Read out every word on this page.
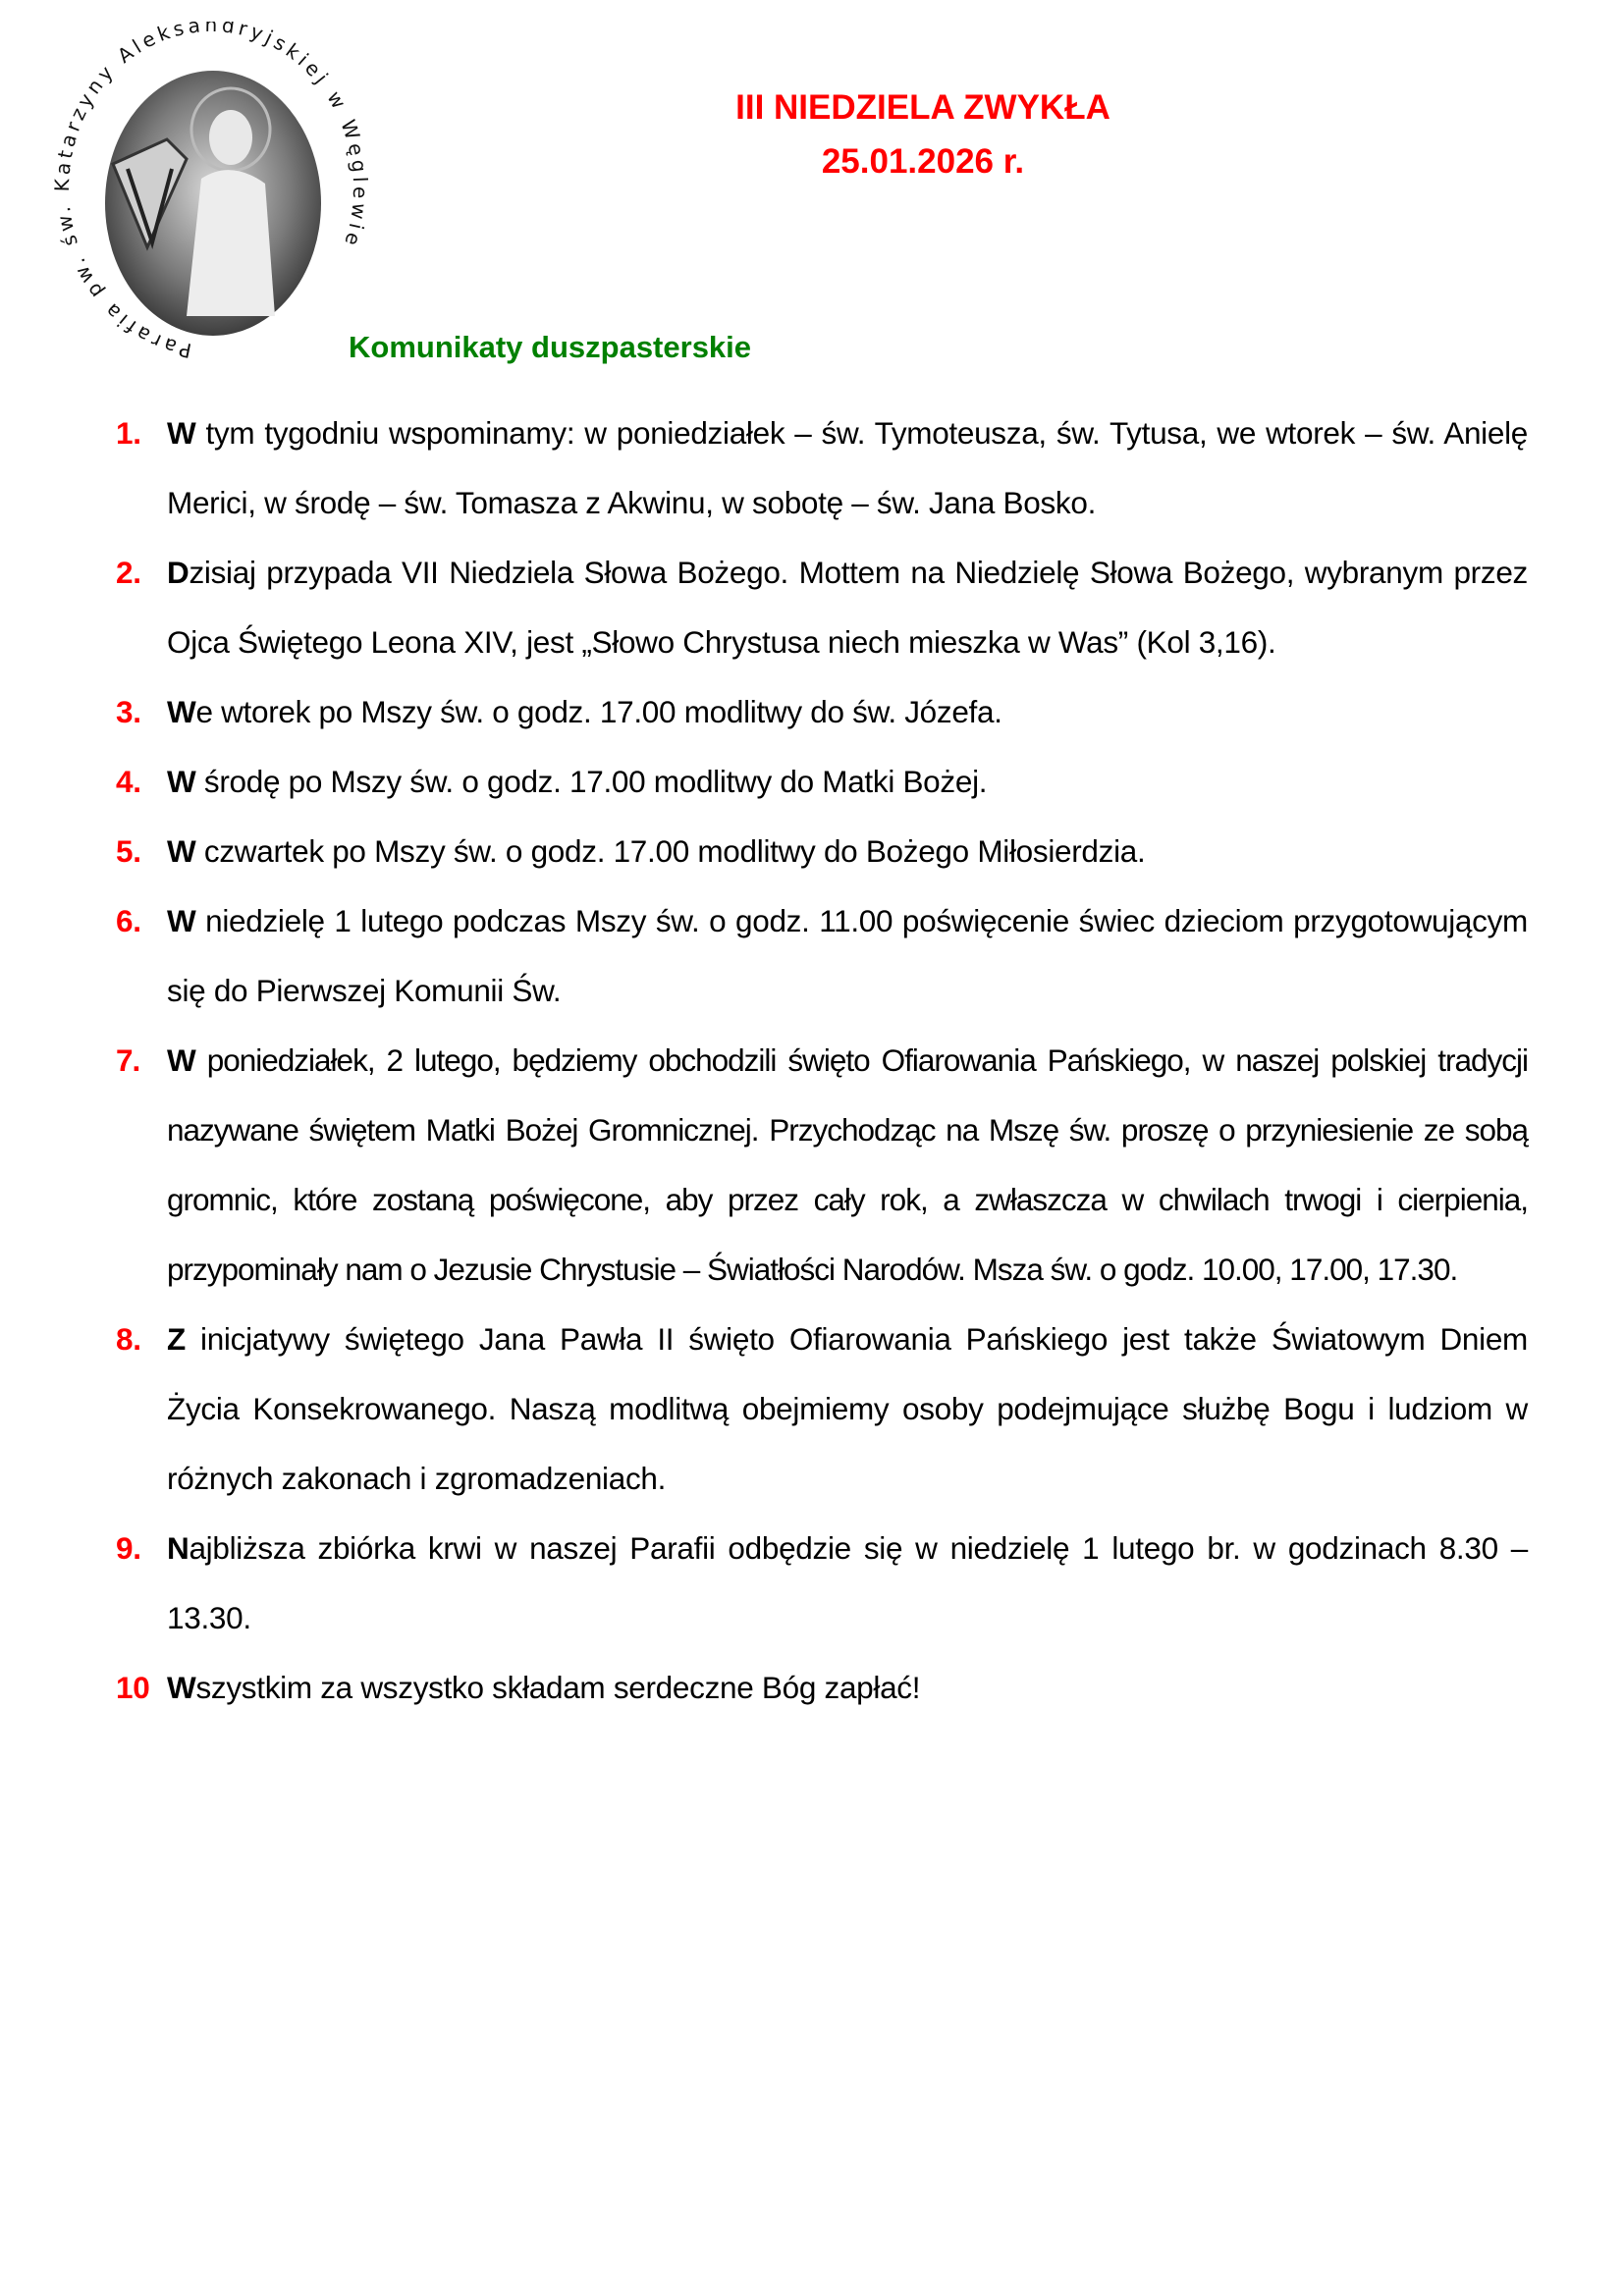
Parafia pw. św tarzyny Aleksandryjskiej w Wę ie
III NIEDZIELA ZWYKŁA
25.01.2026 r.
Komunikaty duszpasterskie
1. W tym tygodniu wspominamy: w poniedziałek – św. Tymoteusza, św. Tytusa, we wtorek – św. Anielę Merici, w środę – św. Tomasza z Akwinu, w sobotę – św. Jana Bosko.
2. Dzisiaj przypada VII Niedziela Słowa Bożego. Mottem na Niedzielę Słowa Bożego, wybranym przez Ojca Świętego Leona XIV, jest „Słowo Chrystusa niech mieszka w Was” (Kol 3,16).
3. We wtorek po Mszy św. o godz. 17.00 modlitwy do św. Józefa.
4. W środę po Mszy św. o godz. 17.00 modlitwy do Matki Bożej.
5. W czwartek po Mszy św. o godz. 17.00 modlitwy do Bożego Miłosierdzia.
6. W niedzielę 1 lutego podczas Mszy św. o godz. 11.00 poświęcenie świec dzieciom przygotowującym się do Pierwszej Komunii Św.
7. W poniedziałek, 2 lutego, będziemy obchodzili święto Ofiarowania Pańskiego, w naszej polskiej tradycji nazywane świętem Matki Bożej Gromnicznej. Przychodząc na Mszę św. proszę o przyniesienie ze sobą gromnic, które zostaną poświęcone, aby przez cały rok, a zwłaszcza w chwilach trwogi i cierpienia, przypominały nam o Jezusie Chrystusie – Światłości Narodów. Msza św. o godz. 10.00, 17.00, 17.30.
8. Z inicjatywy świętego Jana Pawła II święto Ofiarowania Pańskiego jest także Światowym Dniem Życia Konsekrowanego. Naszą modlitwą obejmiemy osoby podejmujące służbę Bogu i ludziom w różnych zakonach i zgromadzeniach.
9. Najbliższa zbiórka krwi w naszej Parafii odbędzie się w niedzielę 1 lutego br. w godzinach 8.30 – 13.30.
10 Wszystkim za wszystko składam serdeczne Bóg zapłać!
